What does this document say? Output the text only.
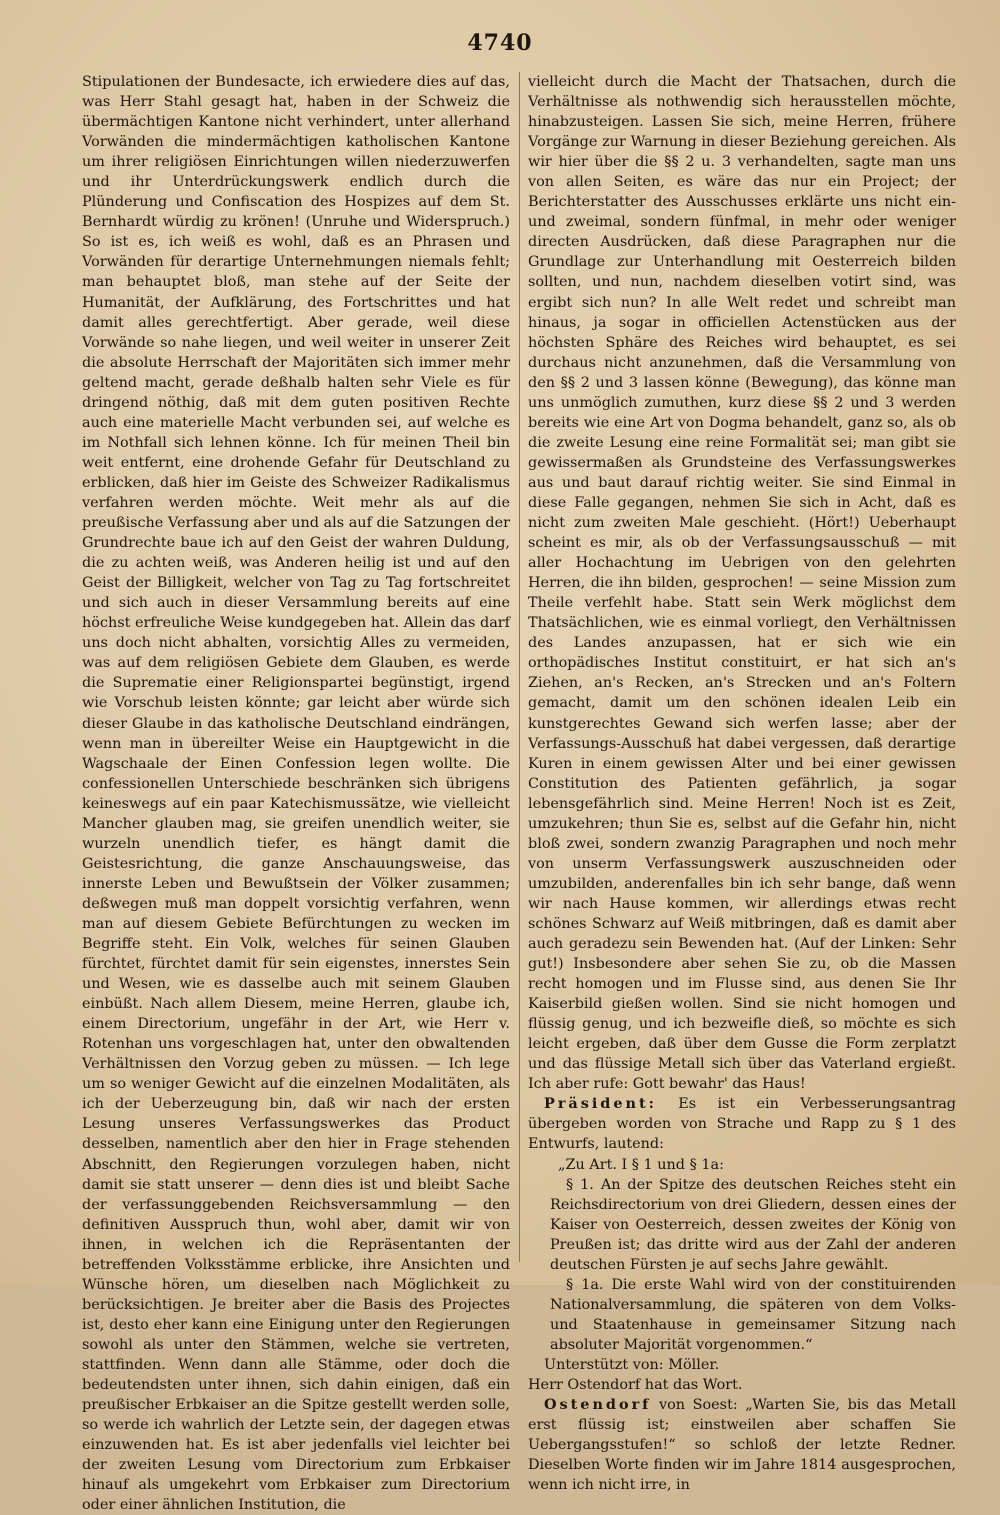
4740

Stipulationen der Bundesacte, ich erwiedere dies auf das, was Herr Stahl gesagt hat, haben in der Schweiz die übermächtigen Kantone nicht verhindert, unter allerhand Vorwänden die mindermächtigen katholischen Kantone um ihrer religiösen Einrichtungen willen niederzuwerfen und ihr Unterdrückungswerk endlich durch die Plünderung und Confiscation des Hospizes auf dem St. Bernhardt würdig zu krönen! (Unruhe und Widerspruch.) So ist es, ich weiß es wohl, daß es an Phrasen und Vorwänden für derartige Unternehmungen niemals fehlt; man behauptet bloß, man stehe auf der Seite der Humanität, der Aufklärung, des Fortschrittes und hat damit alles gerechtfertigt. Aber gerade, weil diese Vorwände so nahe liegen, und weil weiter in unserer Zeit die absolute Herrschaft der Majoritäten sich immer mehr geltend macht, gerade deßhalb halten sehr Viele es für dringend nöthig, daß mit dem guten positiven Rechte auch eine materielle Macht verbunden sei, auf welche es im Nothfall sich lehnen könne. Ich für meinen Theil bin weit entfernt, eine drohende Gefahr für Deutschland zu erblicken, daß hier im Geiste des Schweizer Radikalismus verfahren werden möchte. Weit mehr als auf die preußische Verfassung aber und als auf die Satzungen der Grundrechte baue ich auf den Geist der wahren Duldung, die zu achten weiß, was Anderen heilig ist und auf den Geist der Billigkeit, welcher von Tag zu Tag fortschreitet und sich auch in dieser Versammlung bereits auf eine höchst erfreuliche Weise kundgegeben hat. Allein das darf uns doch nicht abhalten, vorsichtig Alles zu vermeiden, was auf dem religiösen Gebiete dem Glauben, es werde die Suprematie einer Religionspartei begünstigt, irgend wie Vorschub leisten könnte; gar leicht aber würde sich dieser Glaube in das katholische Deutschland eindrängen, wenn man in übereilter Weise ein Hauptgewicht in die Wagschaale der Einen Confession legen wollte. Die confessionellen Unterschiede beschränken sich übrigens keineswegs auf ein paar Katechismussätze, wie vielleicht Mancher glauben mag, sie greifen unendlich weiter, sie wurzeln unendlich tiefer, es hängt damit die Geistesrichtung, die ganze Anschauungsweise, das innerste Leben und Bewußtsein der Völker zusammen; deßwegen muß man doppelt vorsichtig verfahren, wenn man auf diesem Gebiete Befürchtungen zu wecken im Begriffe steht. Ein Volk, welches für seinen Glauben fürchtet, fürchtet damit für sein eigenstes, innerstes Sein und Wesen, wie es dasselbe auch mit seinem Glauben einbüßt. Nach allem Diesem, meine Herren, glaube ich, einem Directorium, ungefähr in der Art, wie Herr v. Rotenhan uns vorgeschlagen hat, unter den obwaltenden Verhältnissen den Vorzug geben zu müssen. — Ich lege um so weniger Gewicht auf die einzelnen Modalitäten, als ich der Ueberzeugung bin, daß wir nach der ersten Lesung unseres Verfassungswerkes das Product desselben, namentlich aber den hier in Frage stehenden Abschnitt, den Regierungen vorzulegen haben, nicht damit sie statt unserer — denn dies ist und bleibt Sache der verfassunggebenden Reichsversammlung — den definitiven Ausspruch thun, wohl aber, damit wir von ihnen, in welchen ich die Repräsentanten der betreffenden Volksstämme erblicke, ihre Ansichten und Wünsche hören, um dieselben nach Möglichkeit zu berücksichtigen. Je breiter aber die Basis des Projectes ist, desto eher kann eine Einigung unter den Regierungen sowohl als unter den Stämmen, welche sie vertreten, stattfinden. Wenn dann alle Stämme, oder doch die bedeutendsten unter ihnen, sich dahin einigen, daß ein preußischer Erbkaiser an die Spitze gestellt werden solle, so werde ich wahrlich der Letzte sein, der dagegen etwas einzuwenden hat. Es ist aber jedenfalls viel leichter bei der zweiten Lesung vom Directorium zum Erbkaiser hinauf als umgekehrt vom Erbkaiser zum Directorium oder einer ähnlichen Institution, die

vielleicht durch die Macht der Thatsachen, durch die Verhältnisse als nothwendig sich herausstellen möchte, hinabzusteigen. Lassen Sie sich, meine Herren, frühere Vorgänge zur Warnung in dieser Beziehung gereichen. Als wir hier über die §§ 2 u. 3 verhandelten, sagte man uns von allen Seiten, es wäre das nur ein Project; der Berichterstatter des Ausschusses erklärte uns nicht ein- und zweimal, sondern fünfmal, in mehr oder weniger directen Ausdrücken, daß diese Paragraphen nur die Grundlage zur Unterhandlung mit Oesterreich bilden sollten, und nun, nachdem dieselben votirt sind, was ergibt sich nun? In alle Welt redet und schreibt man hinaus, ja sogar in officiellen Actenstücken aus der höchsten Sphäre des Reiches wird behauptet, es sei durchaus nicht anzunehmen, daß die Versammlung von den §§ 2 und 3 lassen könne (Bewegung), das könne man uns unmöglich zumuthen, kurz diese §§ 2 und 3 werden bereits wie eine Art von Dogma behandelt, ganz so, als ob die zweite Lesung eine reine Formalität sei; man gibt sie gewissermaßen als Grundsteine des Verfassungswerkes aus und baut darauf richtig weiter. Sie sind Einmal in diese Falle gegangen, nehmen Sie sich in Acht, daß es nicht zum zweiten Male geschieht. (Hört!) Ueberhaupt scheint es mir, als ob der Verfassungsausschuß — mit aller Hochachtung im Uebrigen von den gelehrten Herren, die ihn bilden, gesprochen! — seine Mission zum Theile verfehlt habe. Statt sein Werk möglichst dem Thatsächlichen, wie es einmal vorliegt, den Verhältnissen des Landes anzupassen, hat er sich wie ein orthopädisches Institut constituirt, er hat sich an's Ziehen, an's Recken, an's Strecken und an's Foltern gemacht, damit um den schönen idealen Leib ein kunstgerechtes Gewand sich werfen lasse; aber der Verfassungs-Ausschuß hat dabei vergessen, daß derartige Kuren in einem gewissen Alter und bei einer gewissen Constitution des Patienten gefährlich, ja sogar lebensgefährlich sind. Meine Herren! Noch ist es Zeit, umzukehren; thun Sie es, selbst auf die Gefahr hin, nicht bloß zwei, sondern zwanzig Paragraphen und noch mehr von unserm Verfassungswerk auszuschneiden oder umzubilden, anderenfalles bin ich sehr bange, daß wenn wir nach Hause kommen, wir allerdings etwas recht schönes Schwarz auf Weiß mitbringen, daß es damit aber auch geradezu sein Bewenden hat. (Auf der Linken: Sehr gut!) Insbesondere aber sehen Sie zu, ob die Massen recht homogen und im Flusse sind, aus denen Sie Ihr Kaiserbild gießen wollen. Sind sie nicht homogen und flüssig genug, und ich bezweifle dieß, so möchte es sich leicht ergeben, daß über dem Gusse die Form zerplatzt und das flüssige Metall sich über das Vaterland ergießt. Ich aber rufe: Gott bewahr' das Haus!

Präsident: Es ist ein Verbesserungsantrag übergeben worden von Strache und Rapp zu § 1 des Entwurfs, lautend:

„Zu Art. I § 1 und § 1a:

§ 1. An der Spitze des deutschen Reiches steht ein Reichsdirectorium von drei Gliedern, dessen eines der Kaiser von Oesterreich, dessen zweites der König von Preußen ist; das dritte wird aus der Zahl der anderen deutschen Fürsten je auf sechs Jahre gewählt.

§ 1a. Die erste Wahl wird von der constituirenden Nationalversammlung, die späteren von dem Volks- und Staatenhause in gemeinsamer Sitzung nach absoluter Majorität vorgenommen.“

Unterstützt von: Möller.

Herr Ostendorf hat das Wort.

Ostendorf von Soest: „Warten Sie, bis das Metall erst flüssig ist; einstweilen aber schaffen Sie Uebergangsstufen!“ so schloß der letzte Redner. Dieselben Worte finden wir im Jahre 1814 ausgesprochen, wenn ich nicht irre, in
